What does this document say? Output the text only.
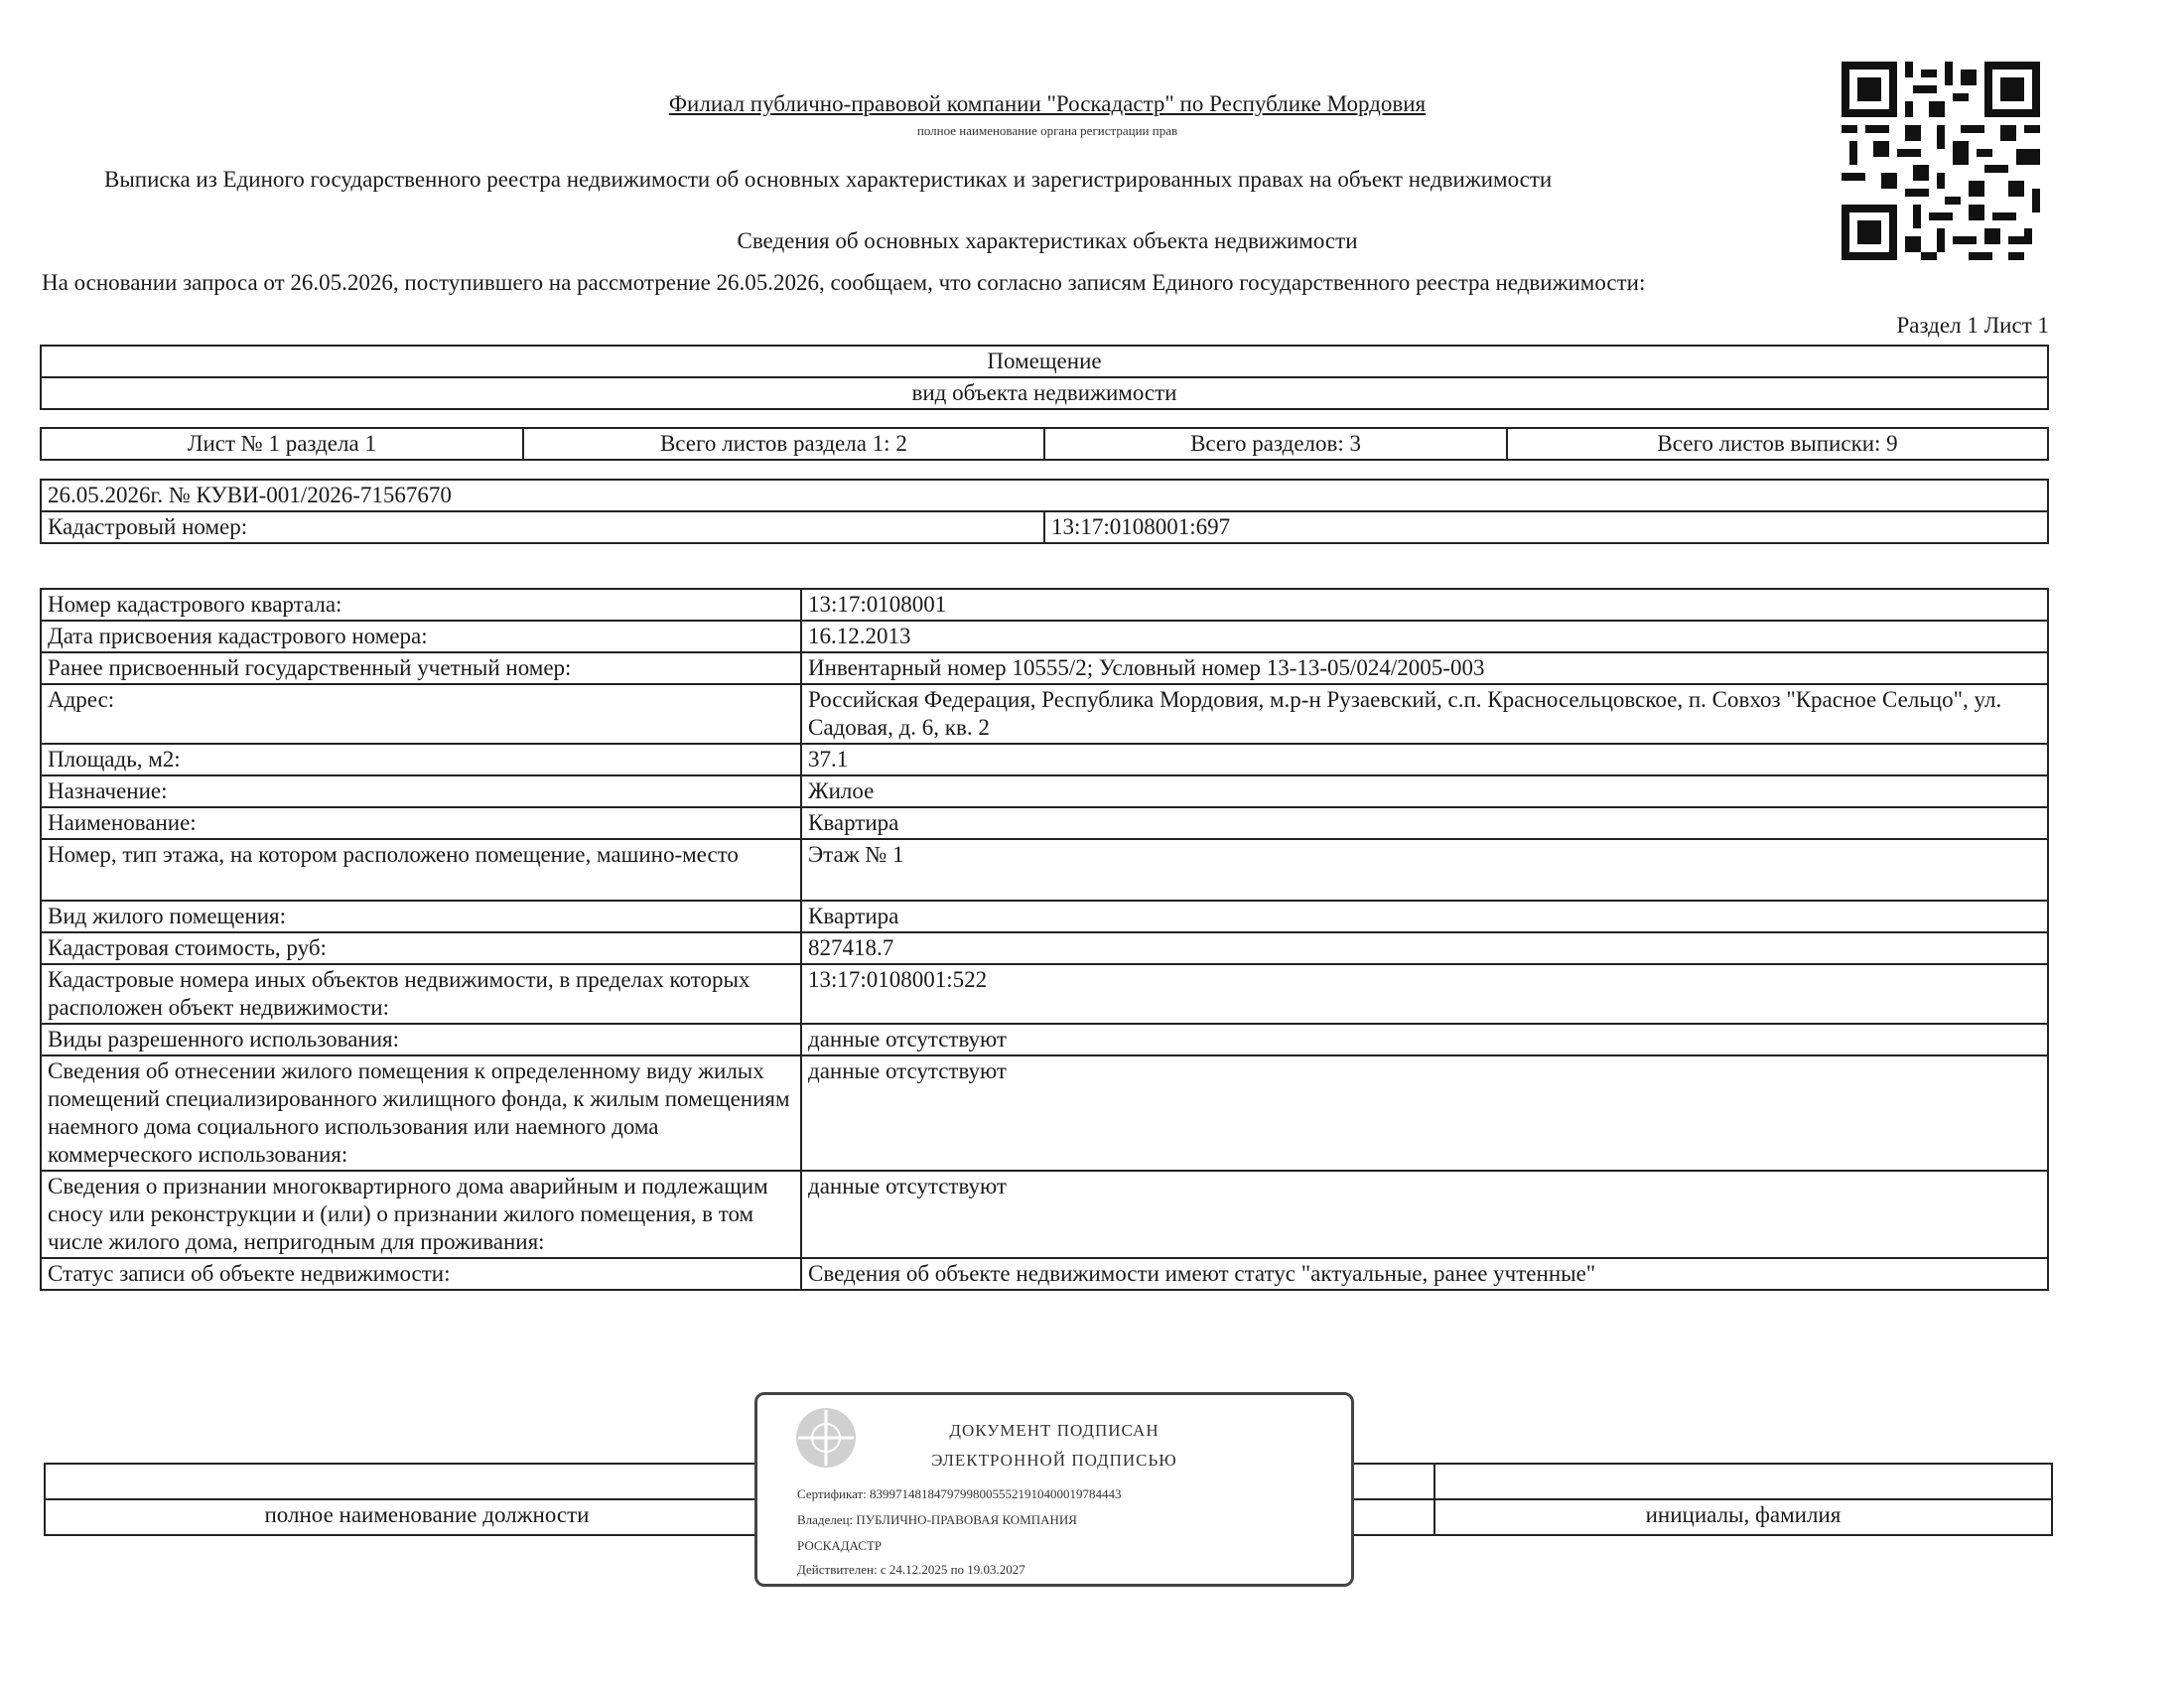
Филиал публично-правовой компании "Роскадастр" по Республике Мордовия
полное наименование органа регистрации прав
Выписка из Единого государственного реестра недвижимости об основных характеристиках и зарегистрированных правах на объект недвижимости
Сведения об основных характеристиках объекта недвижимости
На основании запроса от 26.05.2026, поступившего на рассмотрение 26.05.2026, сообщаем, что согласно записям Единого государственного реестра недвижимости:
Раздел 1 Лист 1
Помещение
вид объекта недвижимости
Лист № 1 раздела 1	Всего листов раздела 1: 2	Всего разделов: 3	Всего листов выписки: 9
26.05.2026г. № КУВИ-001/2026-71567670
Кадастровый номер:	13:17:0108001:697
Номер кадастрового квартала:	13:17:0108001
Дата присвоения кадастрового номера:	16.12.2013
Ранее присвоенный государственный учетный номер:	Инвентарный номер 10555/2; Условный номер 13-13-05/024/2005-003
Адрес:	Российская Федерация, Республика Мордовия, м.р-н Рузаевский, с.п. Красносельцовское, п. Совхоз "Красное Сельцо", ул. Садовая, д. 6, кв. 2
Площадь, м2:	37.1
Назначение:	Жилое
Наименование:	Квартира
Номер, тип этажа, на котором расположено помещение, машино-место	Этаж № 1
Вид жилого помещения:	Квартира
Кадастровая стоимость, руб:	827418.7
Кадастровые номера иных объектов недвижимости, в пределах которых расположен объект недвижимости:	13:17:0108001:522
Виды разрешенного использования:	данные отсутствуют
Сведения об отнесении жилого помещения к определенному виду жилых помещений специализированного жилищного фонда, к жилым помещениям наемного дома социального использования или наемного дома коммерческого использования:	данные отсутствуют
Сведения о признании многоквартирного дома аварийным и подлежащим сносу или реконструкции и (или) о признании жилого помещения, в том числе жилого дома, непригодным для проживания:	данные отсутствуют
Статус записи об объекте недвижимости:	Сведения об объекте недвижимости имеют статус "актуальные, ранее учтенные"

полное наименование должности		инициалы, фамилия
ДОКУМЕНТ ПОДПИСАН
ЭЛЕКТРОННОЙ ПОДПИСЬЮ
Сертификат: 839971481847979980055521910400019784443
Владелец: ПУБЛИЧНО-ПРАВОВАЯ КОМПАНИЯ
РОСКАДАСТР
Действителен: с 24.12.2025 по 19.03.2027
